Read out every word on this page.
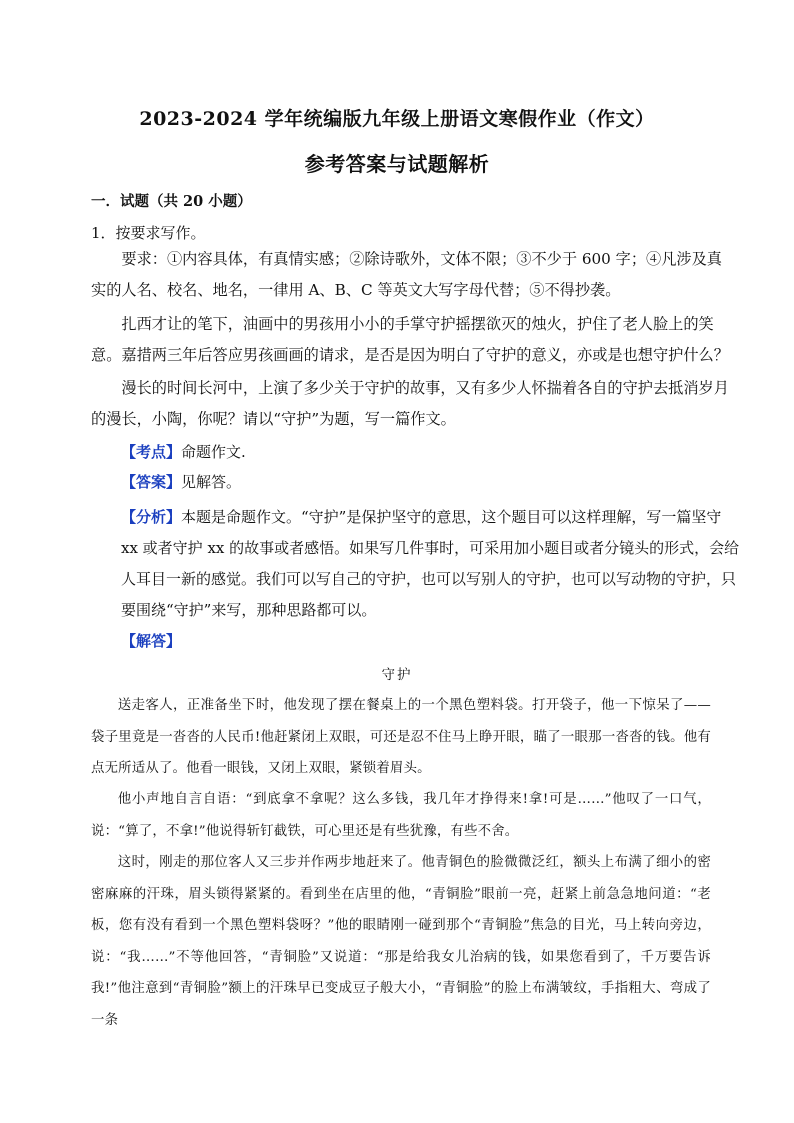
2023-2024 学年统编版九年级上册语文寒假作业（作文）
参考答案与试题解析
一．试题（共 20 小题）
1．按要求写作。

要求：①内容具体，有真情实感；②除诗歌外，文体不限；③不少于 600 字；④凡涉及真实的人名、校名、地名，一律用 A、B、C 等英文大写字母代替；⑤不得抄袭。

扎西才让的笔下，油画中的男孩用小小的手掌守护摇摆欲灭的烛火，护住了老人脸上的笑意。嘉措两三年后答应男孩画画的请求，是否是因为明白了守护的意义，亦或是也想守护什么？

漫长的时间长河中，上演了多少关于守护的故事，又有多少人怀揣着各自的守护去抵消岁月的漫长，小陶，你呢？请以“守护”为题，写一篇作文。

【考点】命题作文.
【答案】见解答。

【分析】本题是命题作文。“守护”是保护坚守的意思，这个题目可以这样理解，写一篇坚守 xx 或者守护 xx 的故事或者感悟。如果写几件事时，可采用加小题目或者分镜头的形式，会给人耳目一新的感觉。我们可以写自己的守护，也可以写别人的守护，也可以写动物的守护，只要围绕“守护”来写，那种思路都可以。

【解答】
守护

送走客人，正准备坐下时，他发现了摆在餐桌上的一个黑色塑料袋。打开袋子，他一下惊呆了——袋子里竟是一沓沓的人民币!他赶紧闭上双眼，可还是忍不住马上睁开眼，瞄了一眼那一沓沓的钱。他有点无所适从了。他看一眼钱，又闭上双眼，紧锁着眉头。

他小声地自言自语：“到底拿不拿呢？这么多钱，我几年才挣得来!拿!可是……”他叹了一口气，说：“算了，不拿!”他说得斩钉截铁，可心里还是有些犹豫，有些不舍。

这时，刚走的那位客人又三步并作两步地赶来了。他青铜色的脸微微泛红，额头上布满了细小的密密麻麻的汗珠，眉头锁得紧紧的。看到坐在店里的他，“青铜脸”眼前一亮，赶紧上前急急地问道：“老板，您有没有看到一个黑色塑料袋呀？”他的眼睛刚一碰到那个“青铜脸”焦急的目光，马上转向旁边，说：“我……”不等他回答，“青铜脸”又说道：“那是给我女儿治病的钱，如果您看到了，千万要告诉我!”他注意到“青铜脸”额上的汗珠早已变成豆子般大小，“青铜脸”的脸上布满皱纹，手指粗大、弯成了一条
